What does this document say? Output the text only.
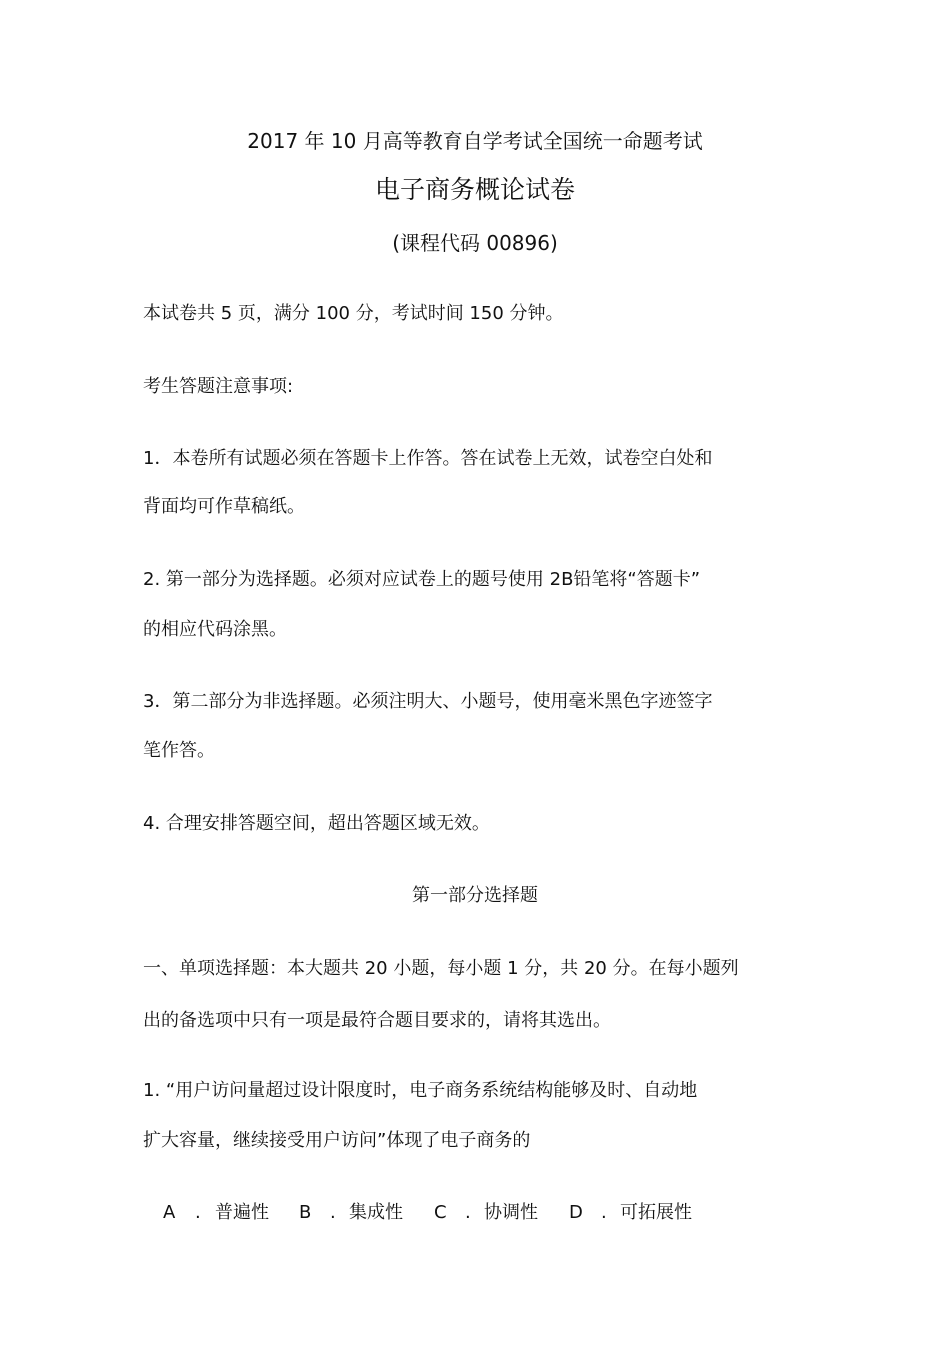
2017 年 10 月高等教育自学考试全国统一命题考试
电子商务概论试卷
(课程代码 00896)
本试卷共 5 页，满分 100 分，考试时间 150 分钟。
考生答题注意事项:
1．本卷所有试题必须在答题卡上作答。答在试卷上无效，试卷空白处和
背面均可作草稿纸。
2. 第一部分为选择题。必须对应试卷上的题号使用 2B铅笔将“答题卡”
的相应代码涂黑。
3．第二部分为非选择题。必须注明大、小题号，使用毫米黑色字迹签字
笔作答。
4. 合理安排答题空间，超出答题区域无效。
第一部分选择题
一、单项选择题：本大题共 20 小题，每小题 1 分，共 20 分。在每小题列
出的备选项中只有一项是最符合题目要求的，请将其选出。
1. “用户访问量超过设计限度时，电子商务系统结构能够及时、自动地
扩大容量，继续接受用户访问”体现了电子商务的
A . 普遍性 B . 集成性 C . 协调性 D . 可拓展性
